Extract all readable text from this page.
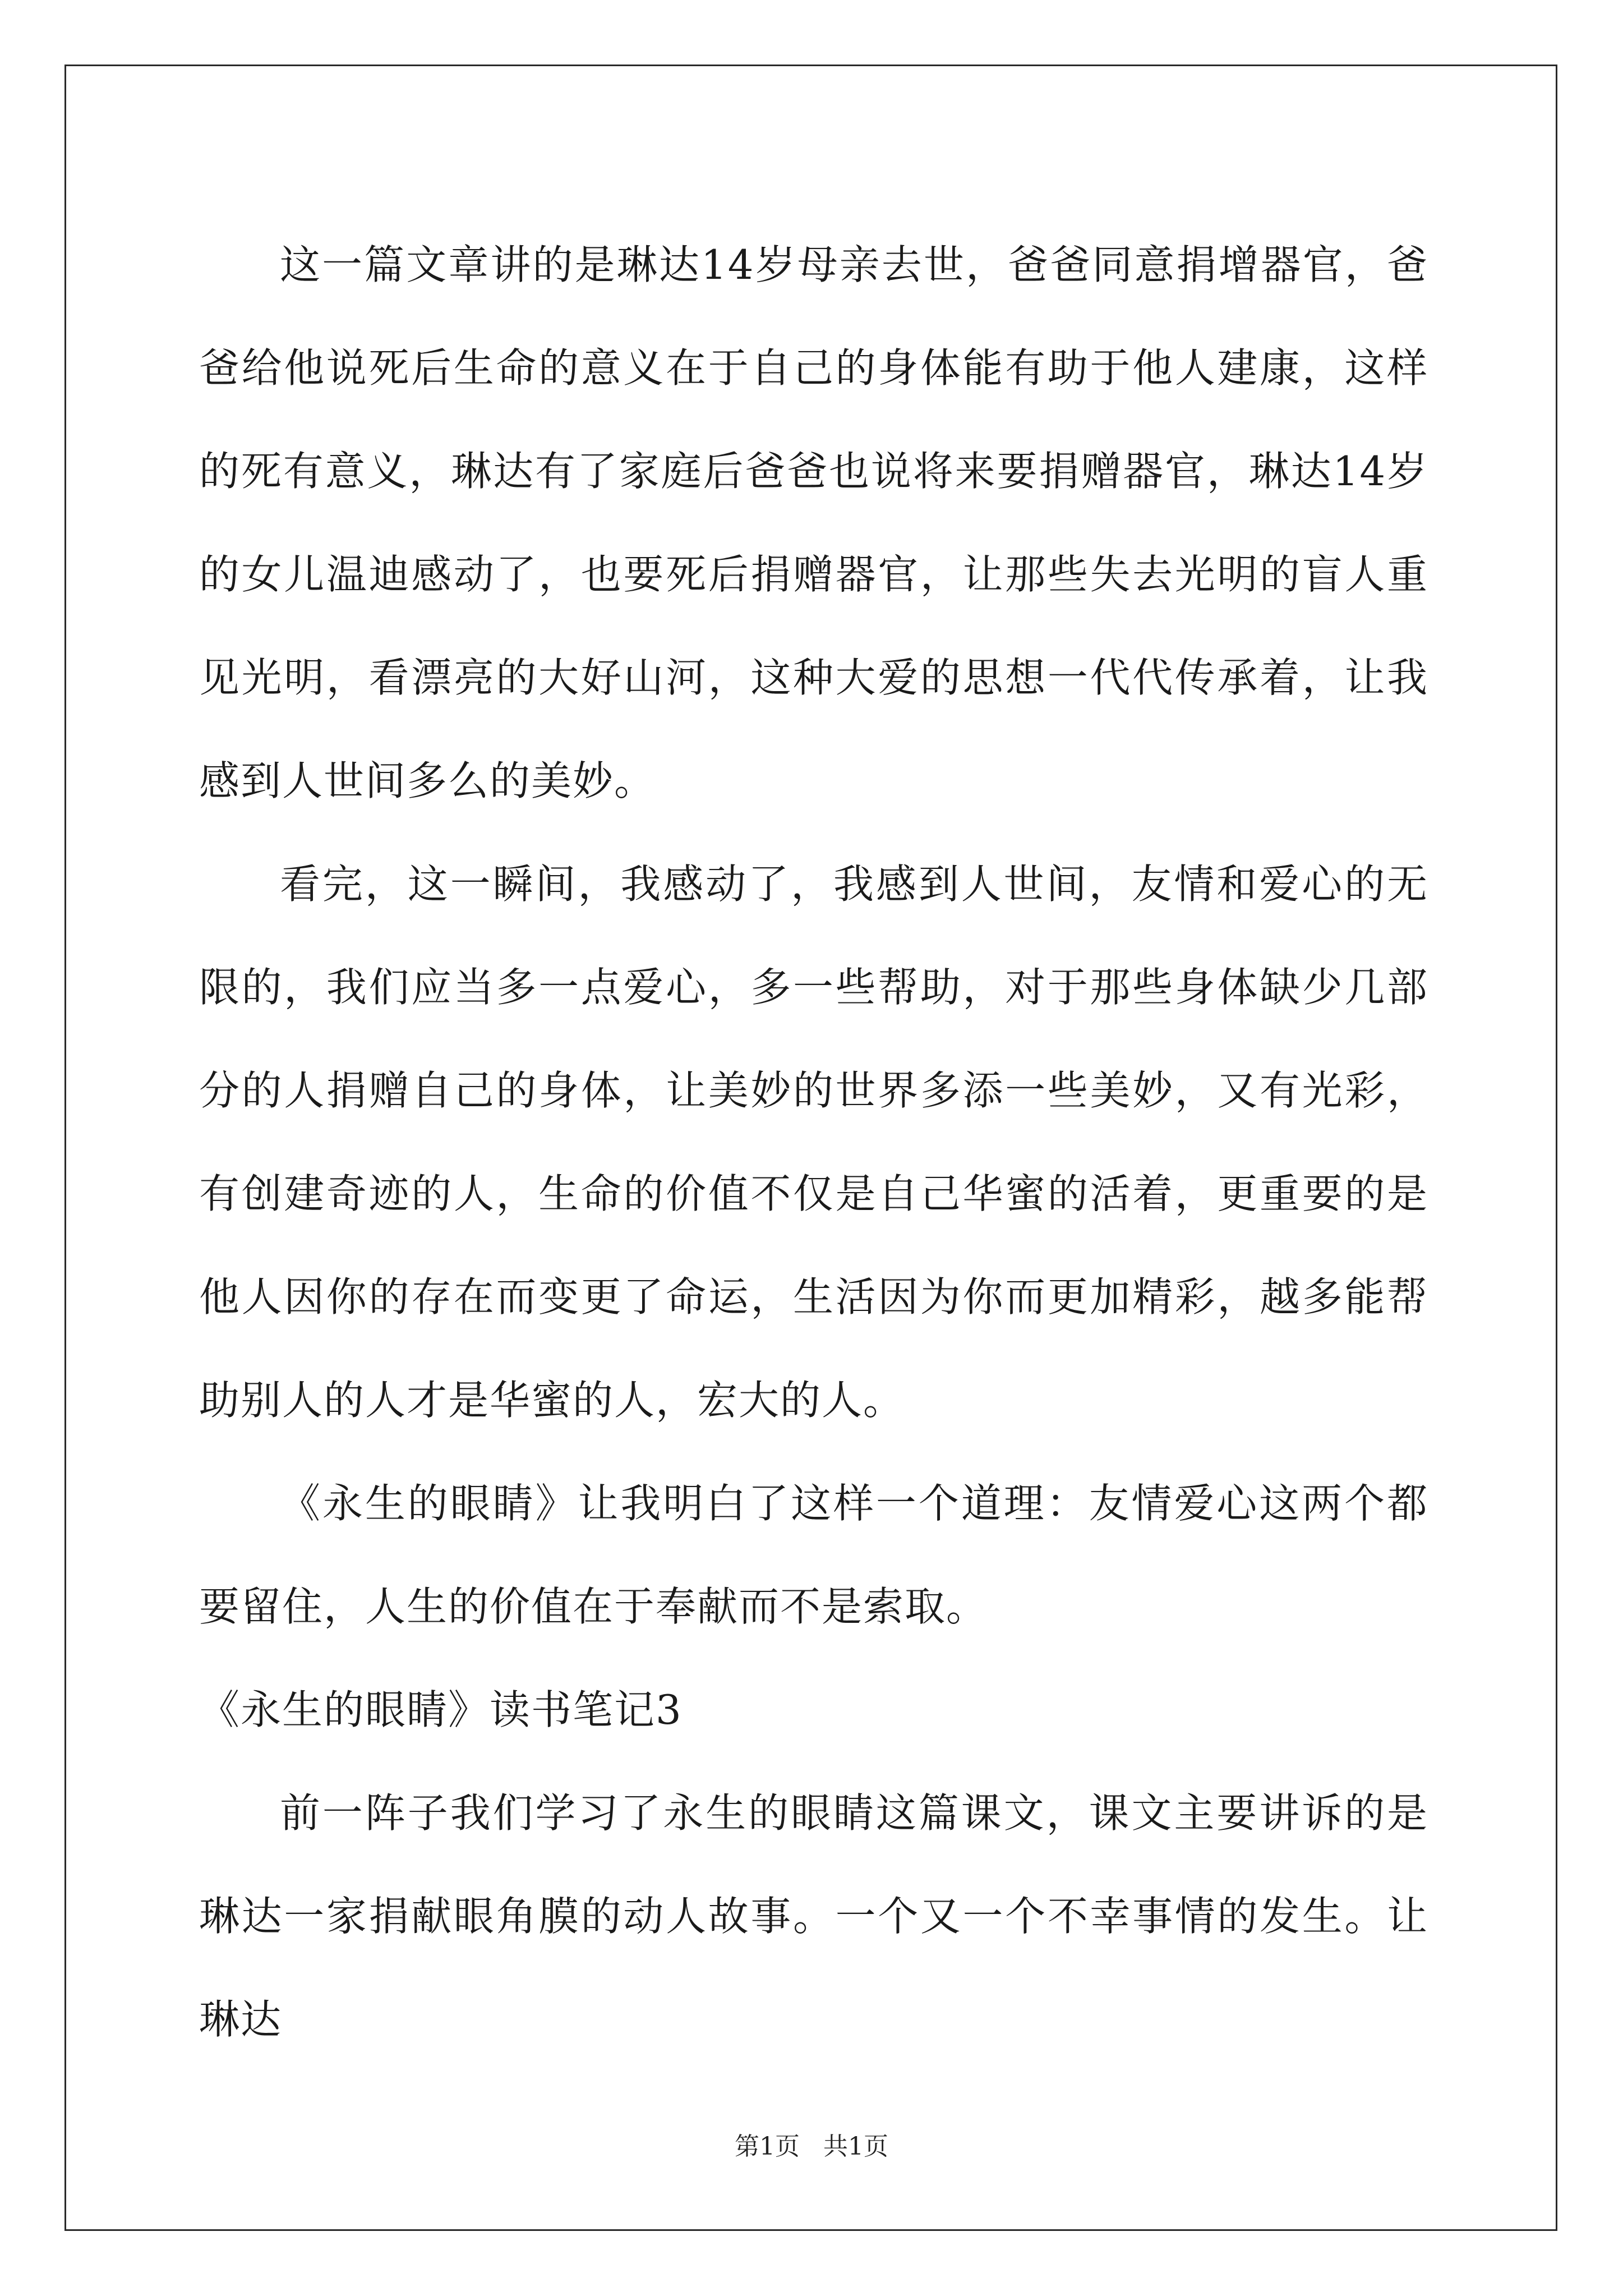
这一篇文章讲的是琳达14岁母亲去世，爸爸同意捐增器官，爸爸给他说死后生命的意义在于自己的身体能有助于他人建康，这样的死有意义，琳达有了家庭后爸爸也说将来要捐赠器官，琳达14岁的女儿温迪感动了，也要死后捐赠器官，让那些失去光明的盲人重见光明，看漂亮的大好山河，这种大爱的思想一代代传承着，让我感到人世间多么的美妙。

看完，这一瞬间，我感动了，我感到人世间，友情和爱心的无限的，我们应当多一点爱心，多一些帮助，对于那些身体缺少几部分的人捐赠自己的身体，让美妙的世界多添一些美妙，又有光彩，有创建奇迹的人，生命的价值不仅是自己华蜜的活着，更重要的是他人因你的存在而变更了命运，生活因为你而更加精彩，越多能帮助别人的人才是华蜜的人，宏大的人。

《永生的眼睛》让我明白了这样一个道理：友情爱心这两个都要留住，人生的价值在于奉献而不是索取。

《永生的眼睛》读书笔记3

前一阵子我们学习了永生的眼睛这篇课文，课文主要讲诉的是琳达一家捐献眼角膜的动人故事。一个又一个不幸事情的发生。让琳达

第1页   共1页
